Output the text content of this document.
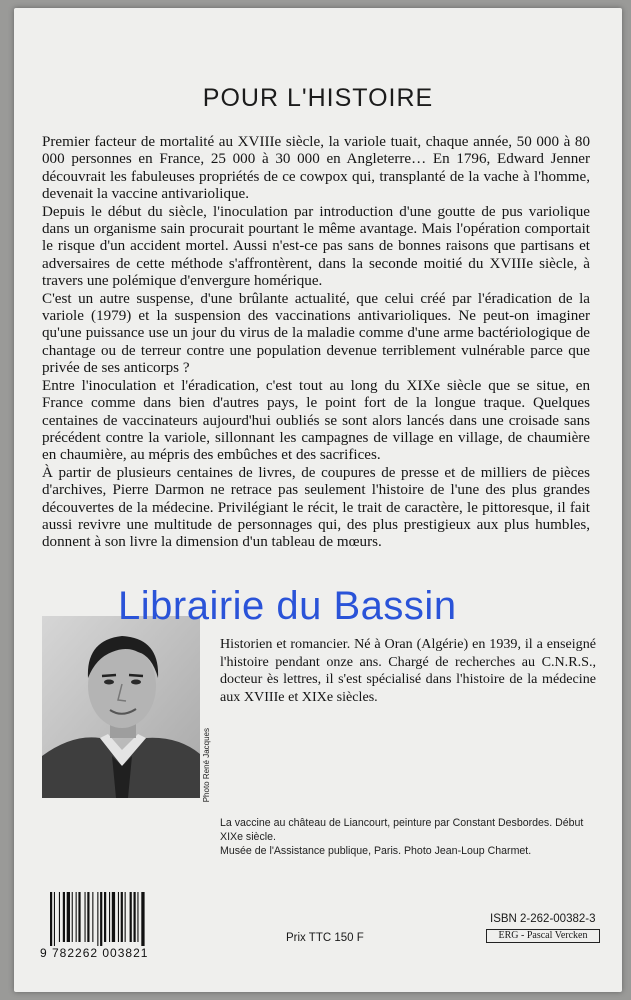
POUR L'HISTOIRE

Premier facteur de mortalité au XVIIIe siècle, la variole tuait, chaque année, 50 000 à 80 000 personnes en France, 25 000 à 30 000 en Angleterre… En 1796, Edward Jenner découvrait les fabuleuses propriétés de ce cowpox qui, transplanté de la vache à l'homme, devenait la vaccine antivariolique.

Depuis le début du siècle, l'inoculation par introduction d'une goutte de pus variolique dans un organisme sain procurait pourtant le même avantage. Mais l'opération comportait le risque d'un accident mortel. Aussi n'est-ce pas sans de bonnes raisons que partisans et adversaires de cette méthode s'affrontèrent, dans la seconde moitié du XVIIIe siècle, à travers une polémique d'envergure homérique.

C'est un autre suspense, d'une brûlante actualité, que celui créé par l'éradication de la variole (1979) et la suspension des vaccinations antivarioliques. Ne peut-on imaginer qu'une puissance use un jour du virus de la maladie comme d'une arme bactériologique de chantage ou de terreur contre une population devenue terriblement vulnérable parce que privée de ses anticorps ?

Entre l'inoculation et l'éradication, c'est tout au long du XIXe siècle que se situe, en France comme dans bien d'autres pays, le point fort de la longue traque. Quelques centaines de vaccinateurs aujourd'hui oubliés se sont alors lancés dans une croisade sans précédent contre la variole, sillonnant les campagnes de village en village, de chaumière en chaumière, au mépris des embûches et des sacrifices.

À partir de plusieurs centaines de livres, de coupures de presse et de milliers de pièces d'archives, Pierre Darmon ne retrace pas seulement l'histoire de l'une des plus grandes découvertes de la médecine. Privilégiant le récit, le trait de caractère, le pittoresque, il fait aussi revivre une multitude de personnages qui, des plus prestigieux aux plus humbles, donnent à son livre la dimension d'un tableau de mœurs.

Photo René Jacques
Historien et romancier. Né à Oran (Algérie) en 1939, il a enseigné l'histoire pendant onze ans. Chargé de recherches au C.N.R.S., docteur ès lettres, il s'est spécialisé dans l'histoire de la médecine aux XVIIIe et XIXe siècles.
La vaccine au château de Liancourt, peinture par Constant Desbordes. Début XIXe siècle.
Musée de l'Assistance publique, Paris. Photo Jean-Loup Charmet.
9 782262 003821
Prix TTC 150 F
ISBN 2-262-00382-3
ERG - Pascal Vercken
Librairie du Bassin
